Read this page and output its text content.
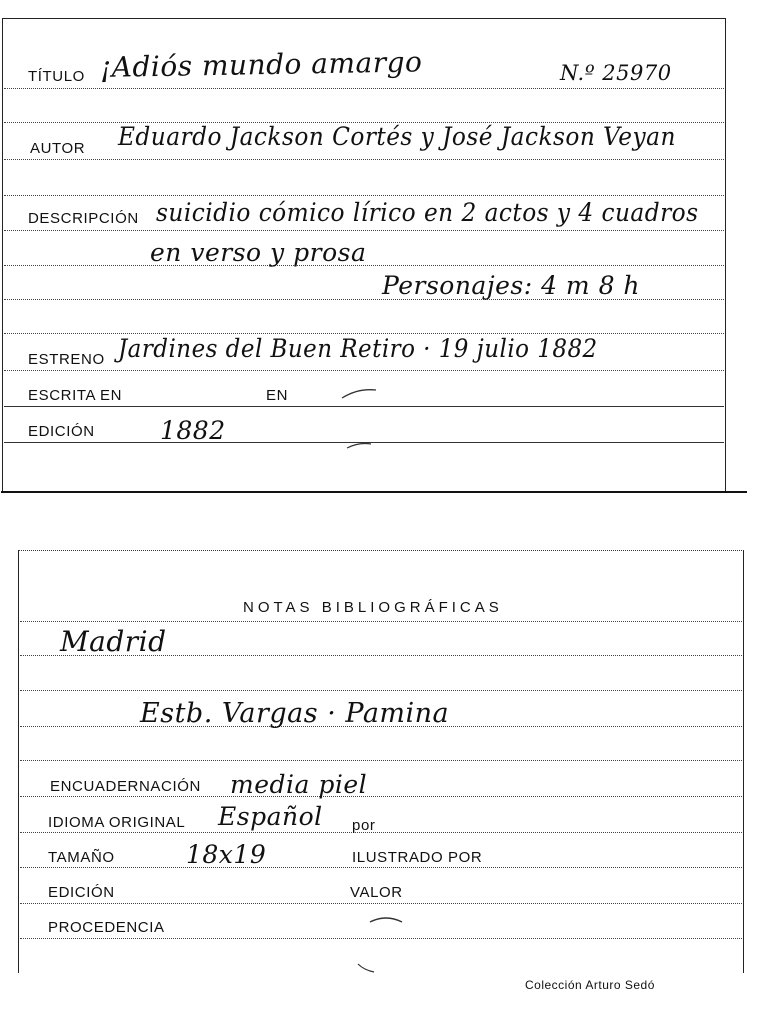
TÍTULO ¡Adiós mundo amargo	N.º 25970
AUTOR Eduardo Jackson Cortés y José Jackson Veyan
DESCRIPCIÓN suicidio cómico lírico en 2 actos y 4 cuadros
en verso y prosa
Personajes: 4 m 8 h
ESTRENO Jardines del Buen Retiro · 19 julio 1882
ESCRITA EN	EN
EDICIÓN	1882
NOTAS BIBLIOGRÁFICAS
Madrid
Estb. Vargas · Pamina
ENCUADERNACIÓN media piel
IDIOMA ORIGINAL Español por
TAMAÑO	18x19	ILUSTRADO POR
EDICIÓN	VALOR
PROCEDENCIA
Colección Arturo Sedó
